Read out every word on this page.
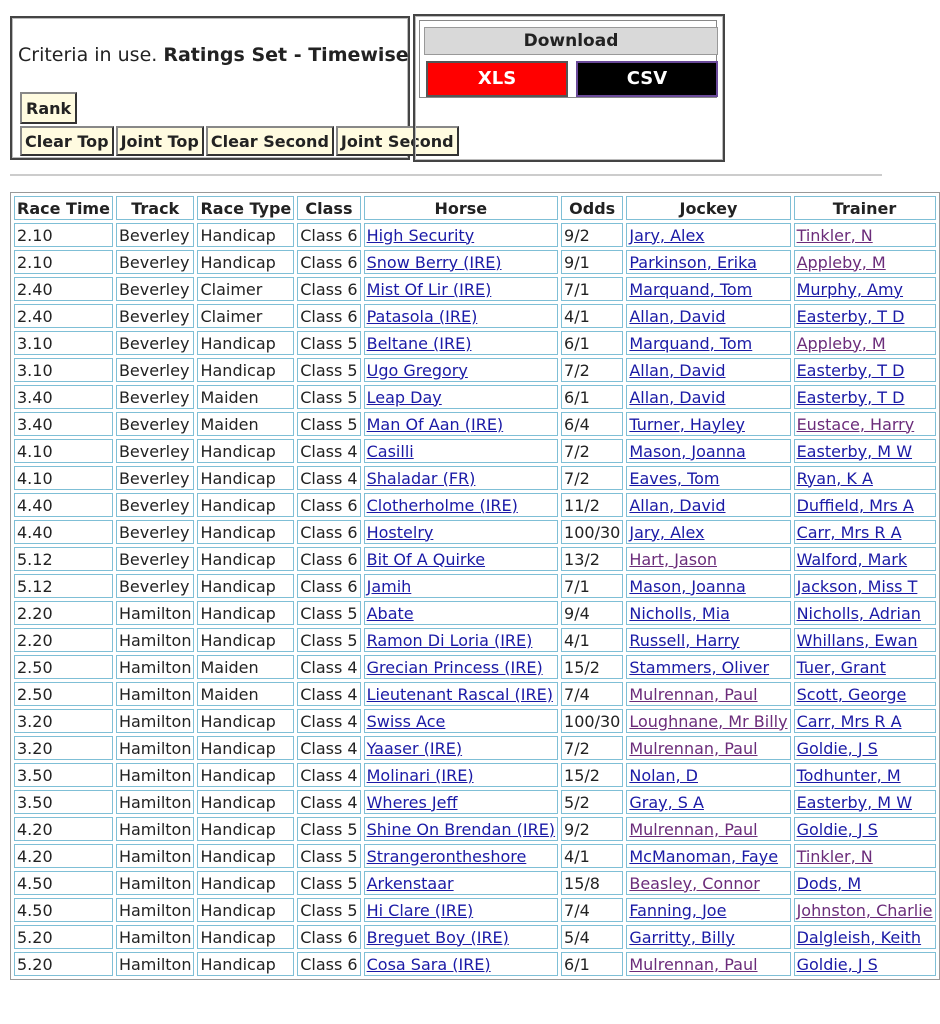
Criteria in use. Ratings Set - Timewise
Rank
Clear Top Joint Top Clear Second Joint Second
Download
XLS	CSV
Race Time	Track	Race Type	Class	Horse	Odds	Jockey	Trainer
2.10	Beverley	Handicap	Class 6	High Security	9/2	Jary, Alex	Tinkler, N
2.10	Beverley	Handicap	Class 6	Snow Berry (IRE)	9/1	Parkinson, Erika	Appleby, M
2.40	Beverley	Claimer	Class 6	Mist Of Lir (IRE)	7/1	Marquand, Tom	Murphy, Amy
2.40	Beverley	Claimer	Class 6	Patasola (IRE)	4/1	Allan, David	Easterby, T D
3.10	Beverley	Handicap	Class 5	Beltane (IRE)	6/1	Marquand, Tom	Appleby, M
3.10	Beverley	Handicap	Class 5	Ugo Gregory	7/2	Allan, David	Easterby, T D
3.40	Beverley	Maiden	Class 5	Leap Day	6/1	Allan, David	Easterby, T D
3.40	Beverley	Maiden	Class 5	Man Of Aan (IRE)	6/4	Turner, Hayley	Eustace, Harry
4.10	Beverley	Handicap	Class 4	Casilli	7/2	Mason, Joanna	Easterby, M W
4.10	Beverley	Handicap	Class 4	Shaladar (FR)	7/2	Eaves, Tom	Ryan, K A
4.40	Beverley	Handicap	Class 6	Clotherholme (IRE)	11/2	Allan, David	Duffield, Mrs A
4.40	Beverley	Handicap	Class 6	Hostelry	100/30	Jary, Alex	Carr, Mrs R A
5.12	Beverley	Handicap	Class 6	Bit Of A Quirke	13/2	Hart, Jason	Walford, Mark
5.12	Beverley	Handicap	Class 6	Jamih	7/1	Mason, Joanna	Jackson, Miss T
2.20	Hamilton	Handicap	Class 5	Abate	9/4	Nicholls, Mia	Nicholls, Adrian
2.20	Hamilton	Handicap	Class 5	Ramon Di Loria (IRE)	4/1	Russell, Harry	Whillans, Ewan
2.50	Hamilton	Maiden	Class 4	Grecian Princess (IRE)	15/2	Stammers, Oliver	Tuer, Grant
2.50	Hamilton	Maiden	Class 4	Lieutenant Rascal (IRE)	7/4	Mulrennan, Paul	Scott, George
3.20	Hamilton	Handicap	Class 4	Swiss Ace	100/30	Loughnane, Mr Billy	Carr, Mrs R A
3.20	Hamilton	Handicap	Class 4	Yaaser (IRE)	7/2	Mulrennan, Paul	Goldie, J S
3.50	Hamilton	Handicap	Class 4	Molinari (IRE)	15/2	Nolan, D	Todhunter, M
3.50	Hamilton	Handicap	Class 4	Wheres Jeff	5/2	Gray, S A	Easterby, M W
4.20	Hamilton	Handicap	Class 5	Shine On Brendan (IRE)	9/2	Mulrennan, Paul	Goldie, J S
4.20	Hamilton	Handicap	Class 5	Strangerontheshore	4/1	McManoman, Faye	Tinkler, N
4.50	Hamilton	Handicap	Class 5	Arkenstaar	15/8	Beasley, Connor	Dods, M
4.50	Hamilton	Handicap	Class 5	Hi Clare (IRE)	7/4	Fanning, Joe	Johnston, Charlie
5.20	Hamilton	Handicap	Class 6	Breguet Boy (IRE)	5/4	Garritty, Billy	Dalgleish, Keith
5.20	Hamilton	Handicap	Class 6	Cosa Sara (IRE)	6/1	Mulrennan, Paul	Goldie, J S
